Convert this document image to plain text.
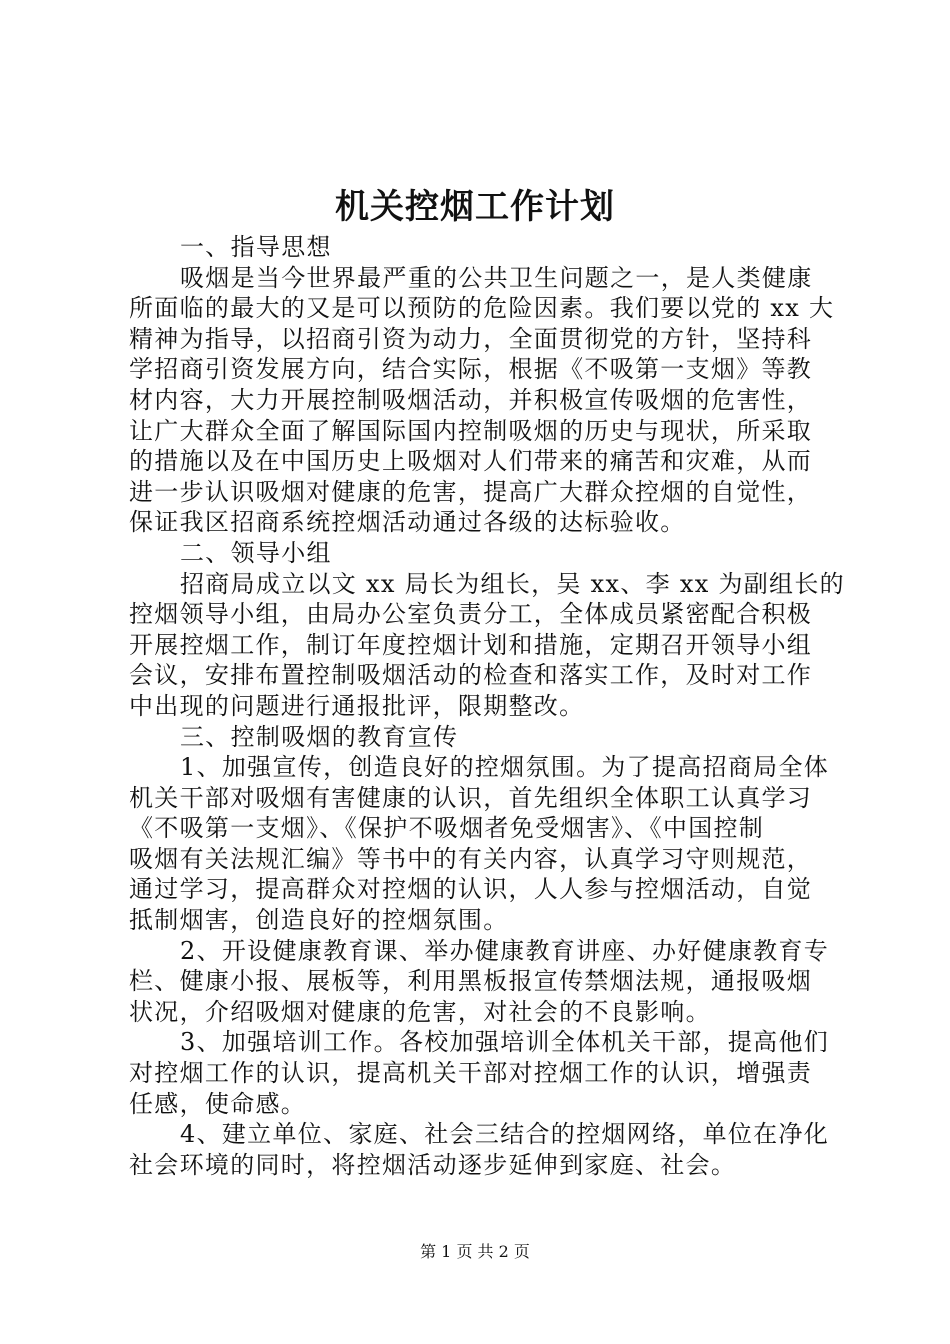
机关控烟工作计划
一、指导思想
吸烟是当今世界最严重的公共卫生问题之一，是人类健康
所面临的最大的又是可以预防的危险因素。我们要以党的 xx 大
精神为指导，以招商引资为动力，全面贯彻党的方针，坚持科
学招商引资发展方向，结合实际，根据《不吸第一支烟》等教
材内容，大力开展控制吸烟活动，并积极宣传吸烟的危害性，
让广大群众全面了解国际国内控制吸烟的历史与现状，所采取
的措施以及在中国历史上吸烟对人们带来的痛苦和灾难，从而
进一步认识吸烟对健康的危害，提高广大群众控烟的自觉性，
保证我区招商系统控烟活动通过各级的达标验收。
二、领导小组
招商局成立以文 xx 局长为组长，吴 xx、李 xx 为副组长的
控烟领导小组，由局办公室负责分工，全体成员紧密配合积极
开展控烟工作，制订年度控烟计划和措施，定期召开领导小组
会议，安排布置控制吸烟活动的检查和落实工作，及时对工作
中出现的问题进行通报批评，限期整改。
三、控制吸烟的教育宣传
1、加强宣传，创造良好的控烟氛围。为了提高招商局全体
机关干部对吸烟有害健康的认识，首先组织全体职工认真学习
《不吸第一支烟》、《保护不吸烟者免受烟害》、《中国控制
吸烟有关法规汇编》等书中的有关内容，认真学习守则规范，
通过学习，提高群众对控烟的认识，人人参与控烟活动，自觉
抵制烟害，创造良好的控烟氛围。
2、开设健康教育课、举办健康教育讲座、办好健康教育专
栏、健康小报、展板等，利用黑板报宣传禁烟法规，通报吸烟
状况，介绍吸烟对健康的危害，对社会的不良影响。
3、加强培训工作。各校加强培训全体机关干部，提高他们
对控烟工作的认识，提高机关干部对控烟工作的认识，增强责
任感，使命感。
4、建立单位、家庭、社会三结合的控烟网络，单位在净化
社会环境的同时，将控烟活动逐步延伸到家庭、社会。
第 1 页 共 2 页
